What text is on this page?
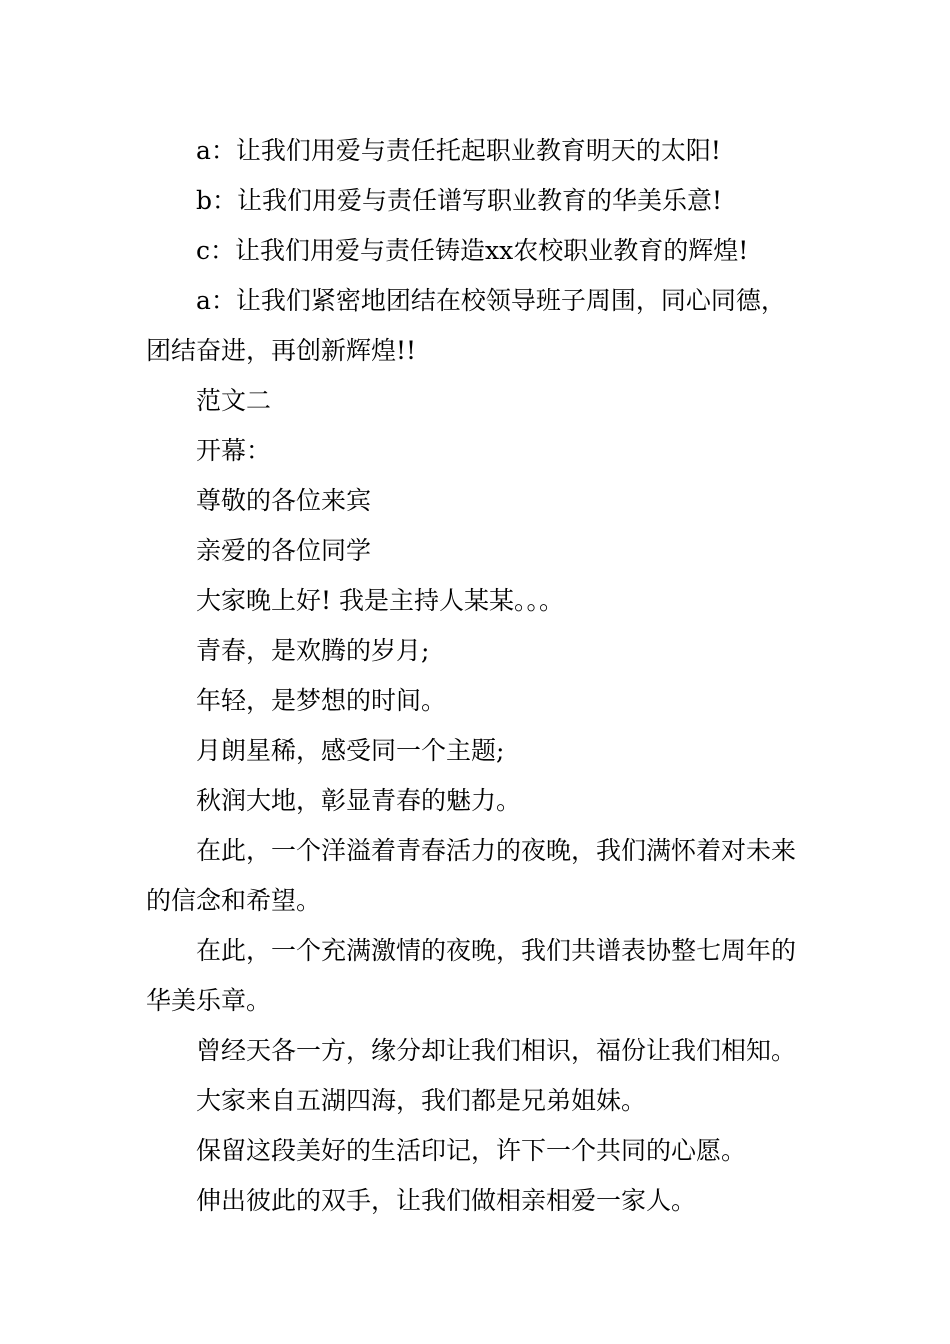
a：让我们用爱与责任托起职业教育明天的太阳!

b：让我们用爱与责任谱写职业教育的华美乐意!

c：让我们用爱与责任铸造xx农校职业教育的辉煌!

a：让我们紧密地团结在校领导班子周围，同心同德，团结奋进，再创新辉煌!!

范文二

开幕：

尊敬的各位来宾

亲爱的各位同学

大家晚上好! 我是主持人某某。。。

青春，是欢腾的岁月;

年轻，是梦想的时间。

月朗星稀，感受同一个主题;

秋润大地，彰显青春的魅力。

在此，一个洋溢着青春活力的夜晚，我们满怀着对未来的信念和希望。

在此，一个充满激情的夜晚，我们共谱表协整七周年的华美乐章。

曾经天各一方，缘分却让我们相识，福份让我们相知。

大家来自五湖四海，我们都是兄弟姐妹。

保留这段美好的生活印记，许下一个共同的心愿。

伸出彼此的双手，让我们做相亲相爱一家人。
